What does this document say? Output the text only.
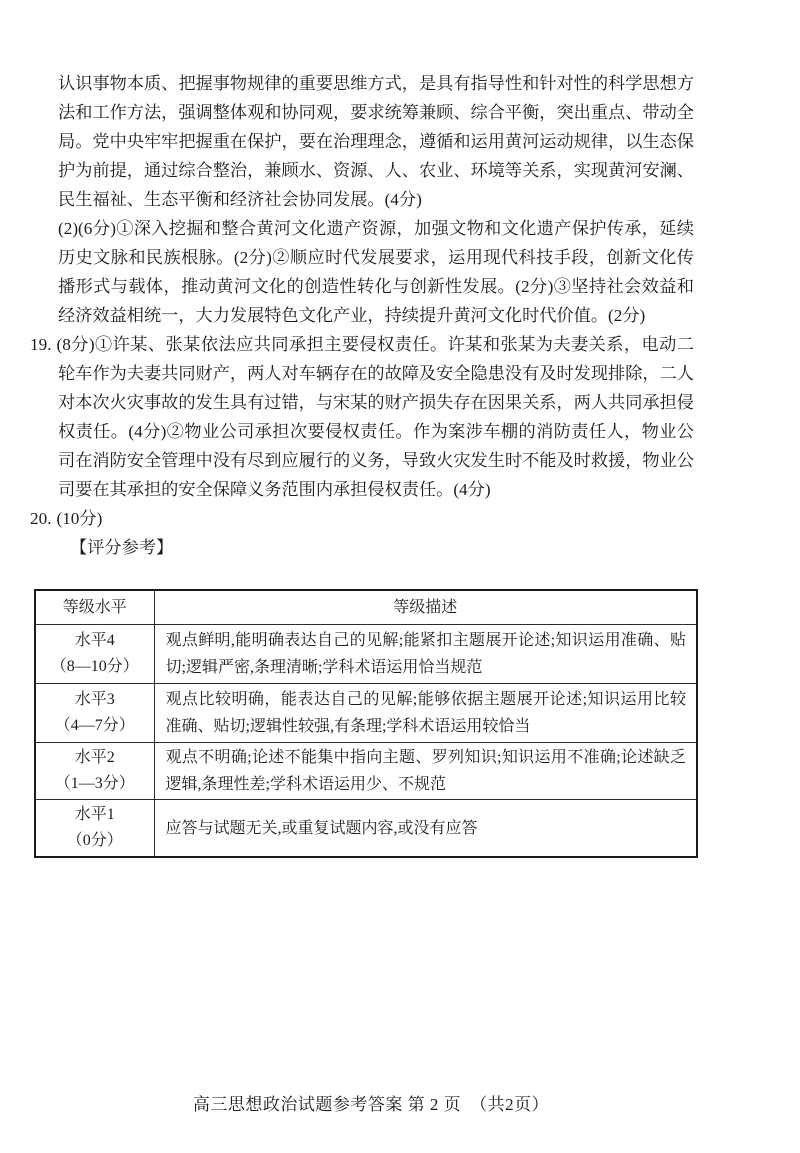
认识事物本质、把握事物规律的重要思维方式，是具有指导性和针对性的科学思想方法和工作方法，强调整体观和协同观，要求统筹兼顾、综合平衡，突出重点、带动全局。党中央牢牢把握重在保护，要在治理理念，遵循和运用黄河运动规律，以生态保护为前提，通过综合整治，兼顾水、资源、人、农业、环境等关系，实现黄河安澜、民生福祉、生态平衡和经济社会协同发展。(4分)

(2)(6分)①深入挖掘和整合黄河文化遗产资源，加强文物和文化遗产保护传承，延续历史文脉和民族根脉。(2分)②顺应时代发展要求，运用现代科技手段，创新文化传播形式与载体，推动黄河文化的创造性转化与创新性发展。(2分)③坚持社会效益和经济效益相统一，大力发展特色文化产业，持续提升黄河文化时代价值。(2分)

19. (8分)①许某、张某依法应共同承担主要侵权责任。许某和张某为夫妻关系，电动二轮车作为夫妻共同财产，两人对车辆存在的故障及安全隐患没有及时发现排除，二人对本次火灾事故的发生具有过错，与宋某的财产损失存在因果关系，两人共同承担侵权责任。(4分)②物业公司承担次要侵权责任。作为案涉车棚的消防责任人，物业公司在消防安全管理中没有尽到应履行的义务，导致火灾发生时不能及时救援，物业公司要在其承担的安全保障义务范围内承担侵权责任。(4分)
20. (10分)
【评分参考】
等级水平	等级描述

水平4
（8—10分）	观点鲜明,能明确表达自己的见解;能紧扣主题展开论述;知识运用准确、贴切;逻辑严密,条理清晰;学科术语运用恰当规范

水平3
（4—7分）	观点比较明确，能表达自己的见解;能够依据主题展开论述;知识运用比较准确、贴切;逻辑性较强,有条理;学科术语运用较恰当

水平2
（1—3分）	观点不明确;论述不能集中指向主题、罗列知识;知识运用不准确;论述缺乏逻辑,条理性差;学科术语运用少、不规范

水平1
（0分）	应答与试题无关,或重复试题内容,或没有应答
高三思想政治试题参考答案 第 2 页　（共2页）
